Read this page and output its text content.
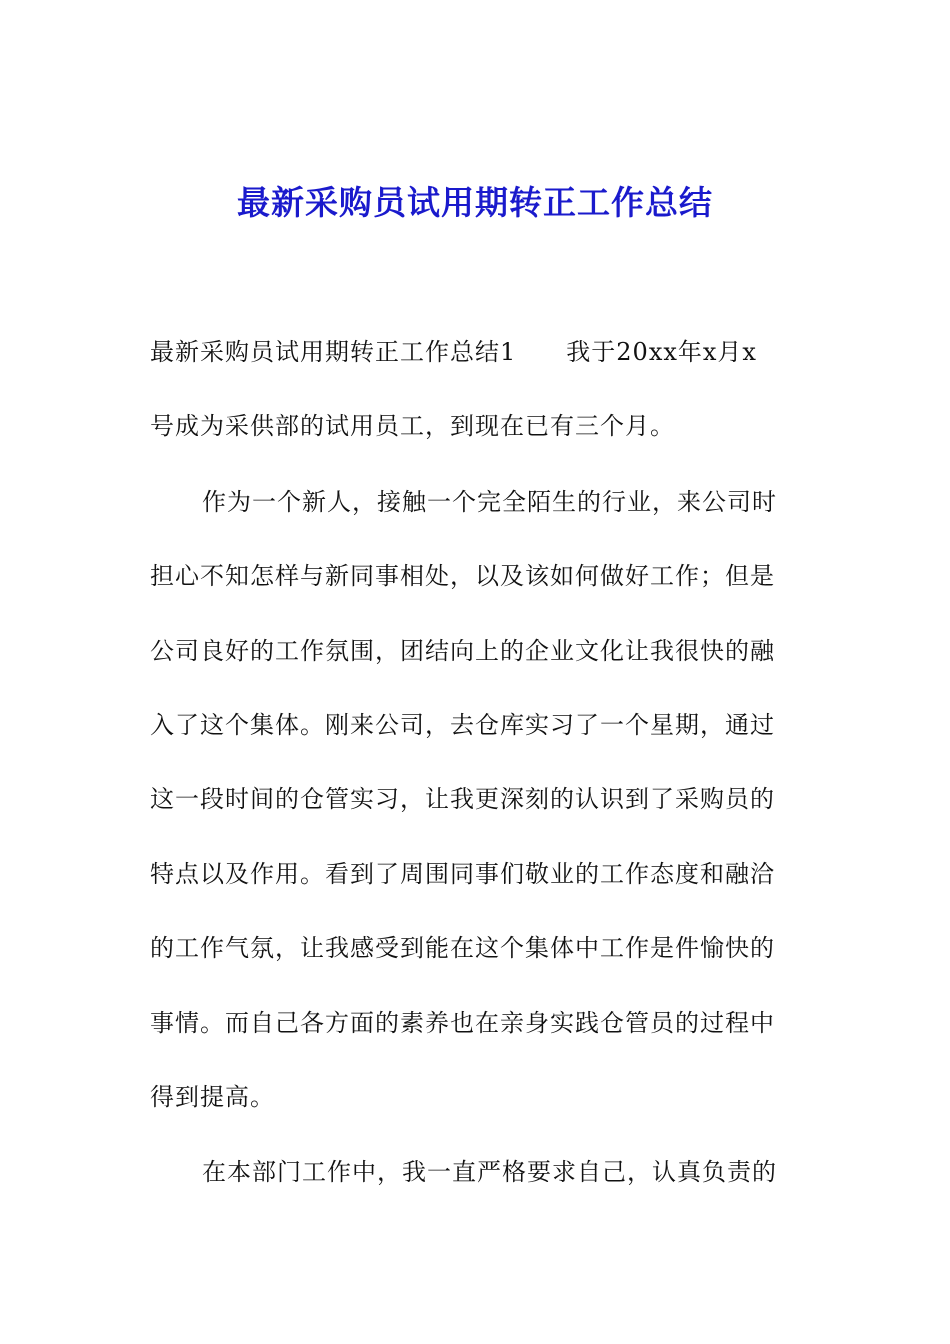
最新采购员试用期转正工作总结
最新采购员试用期转正工作总结1 我于20xx年x月x
号成为采供部的试用员工，到现在已有三个月。
作为一个新人，接触一个完全陌生的行业，来公司时
担心不知怎样与新同事相处，以及该如何做好工作；但是
公司良好的工作氛围，团结向上的企业文化让我很快的融
入了这个集体。刚来公司，去仓库实习了一个星期，通过
这一段时间的仓管实习，让我更深刻的认识到了采购员的
特点以及作用。看到了周围同事们敬业的工作态度和融洽
的工作气氛，让我感受到能在这个集体中工作是件愉快的
事情。而自己各方面的素养也在亲身实践仓管员的过程中
得到提高。
在本部门工作中，我一直严格要求自己，认真负责的
